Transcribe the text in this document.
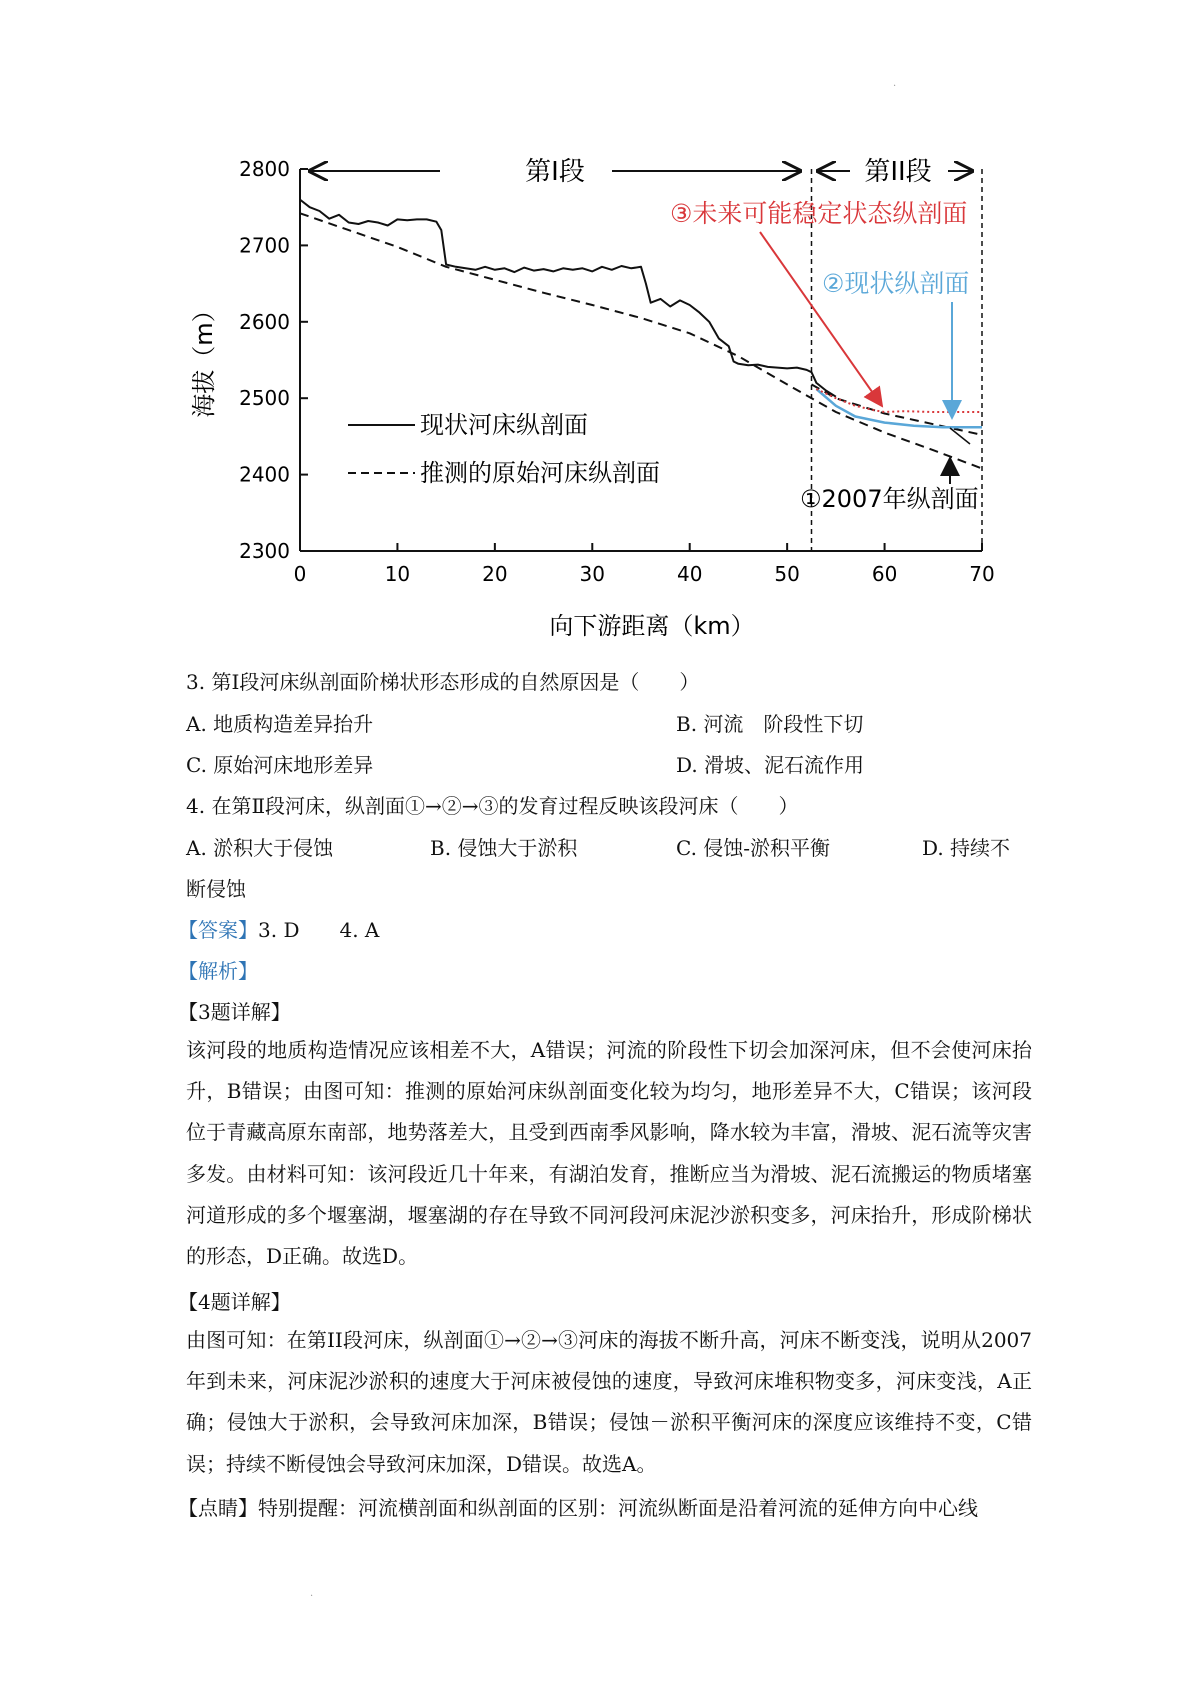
0	10	20	30	40	50	60	70
2300
2400
2500
2600
2700
2800	第I段	第II段
现状河床纵剖面
推测的原始河床纵剖面
③未来可能稳定状态纵剖面
②现状纵剖面
①2007年纵剖面
海拔（m）
向下游距离（km）
.
3. 第Ⅰ段河床纵剖面阶梯状形态形成的自然原因是（　　）
A. 地质构造差异抬升	B. 河流　阶段性下切
C. 原始河床地形差异	D. 滑坡、泥石流作用
4. 在第Ⅱ段河床，纵剖面①→②→③的发育过程反映该段河床（　　）
A. 淤积大于侵蚀	B. 侵蚀大于淤积	C. 侵蚀-淤积平衡	D. 持续不
断侵蚀
【答案】3. D　　4. A
【解析】
【3题详解】
该河段的地质构造情况应该相差不大，A错误；河流的阶段性下切会加深河床，但不会使河床抬升，B错误；由图可知：推测的原始河床纵剖面变化较为均匀，地形差异不大，C错误；该河段位于青藏高原东南部，地势落差大，且受到西南季风影响，降水较为丰富，滑坡、泥石流等灾害多发。由材料可知：该河段近几十年来，有湖泊发育，推断应当为滑坡、泥石流搬运的物质堵塞河道形成的多个堰塞湖，堰塞湖的存在导致不同河段河床泥沙淤积变多，河床抬升，形成阶梯状的形态，D正确。故选D。
【4题详解】
由图可知：在第II段河床，纵剖面①→②→③河床的海拔不断升高，河床不断变浅，说明从2007年到未来，河床泥沙淤积的速度大于河床被侵蚀的速度，导致河床堆积物变多，河床变浅，A正确；侵蚀大于淤积，会导致河床加深，B错误；侵蚀－淤积平衡河床的深度应该维持不变，C错误；持续不断侵蚀会导致河床加深，D错误。故选A。
【点睛】特别提醒：河流横剖面和纵剖面的区别：河流纵断面是沿着河流的延伸方向中心线
.
